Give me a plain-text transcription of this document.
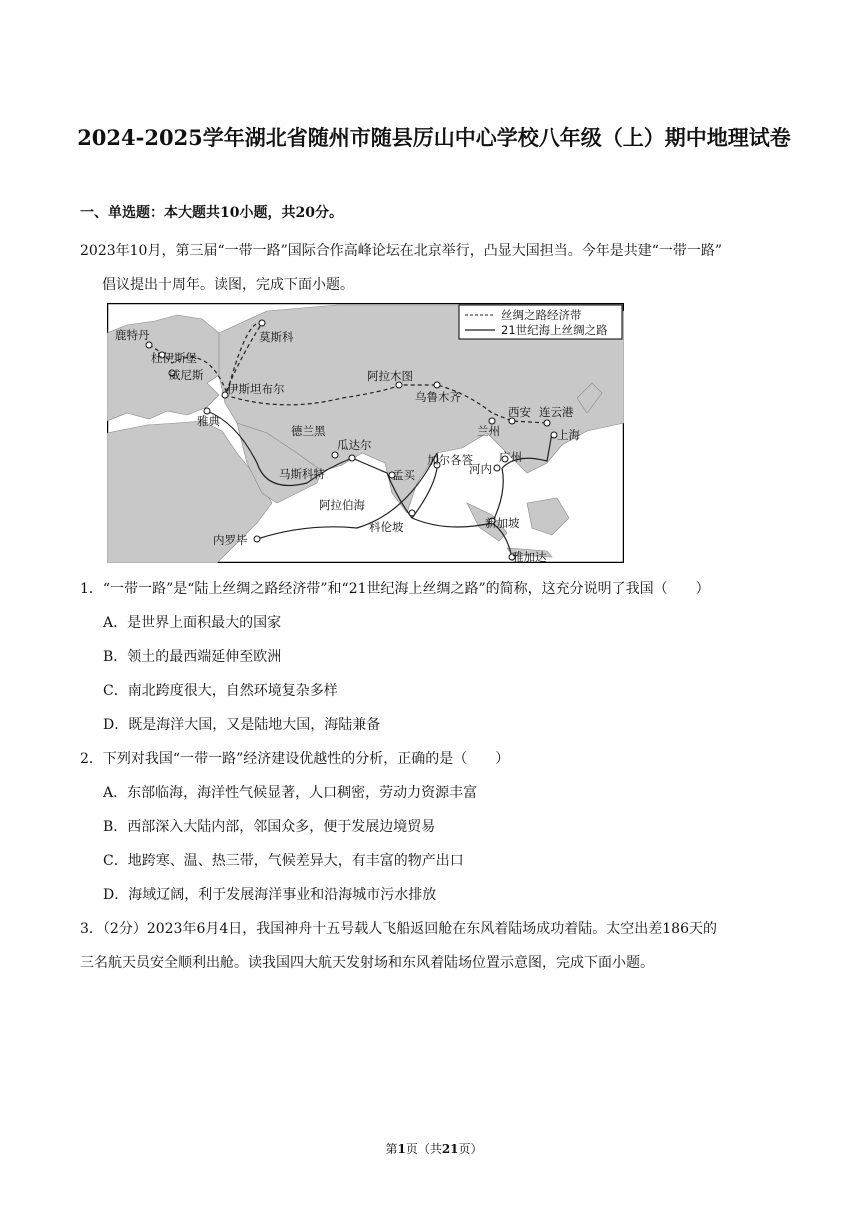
2024-2025学年湖北省随州市随县厉山中心学校八年级（上）期中地理试卷
一、单选题：本大题共10小题，共20分。
2023年10月，第三届“一带一路”国际合作高峰论坛在北京举行，凸显大国担当。今年是共建“一带一路”
倡议提出十周年。读图，完成下面小题。
丝绸之路经济带
21世纪海上丝绸之路
鹿特丹
杜伊斯堡
威尼斯
莫斯科
伊斯坦布尔
雅典
德兰黑
瓜达尔
马斯科特
阿拉木图
乌鲁木齐
兰州
西安 连云港
上海
加尔各答
孟买	河内
广州
阿拉伯海
科伦坡	新加坡
内罗毕
雅加达
1．“一带一路”是“陆上丝绸之路经济带”和“21世纪海上丝绸之路”的简称，这充分说明了我国（　　）
A．是世界上面积最大的国家
B．领土的最西端延伸至欧洲
C．南北跨度很大，自然环境复杂多样
D．既是海洋大国，又是陆地大国，海陆兼备
2．下列对我国“一带一路”经济建设优越性的分析，正确的是（　　）
A．东部临海，海洋性气候显著，人口稠密，劳动力资源丰富
B．西部深入大陆内部，邻国众多，便于发展边境贸易
C．地跨寒、温、热三带，气候差异大，有丰富的物产出口
D．海域辽阔，利于发展海洋事业和沿海城市污水排放
3．（2分）2023年6月4日，我国神舟十五号载人飞船返回舱在东风着陆场成功着陆。太空出差186天的
三名航天员安全顺利出舱。读我国四大航天发射场和东风着陆场位置示意图，完成下面小题。
第1页（共21页）
